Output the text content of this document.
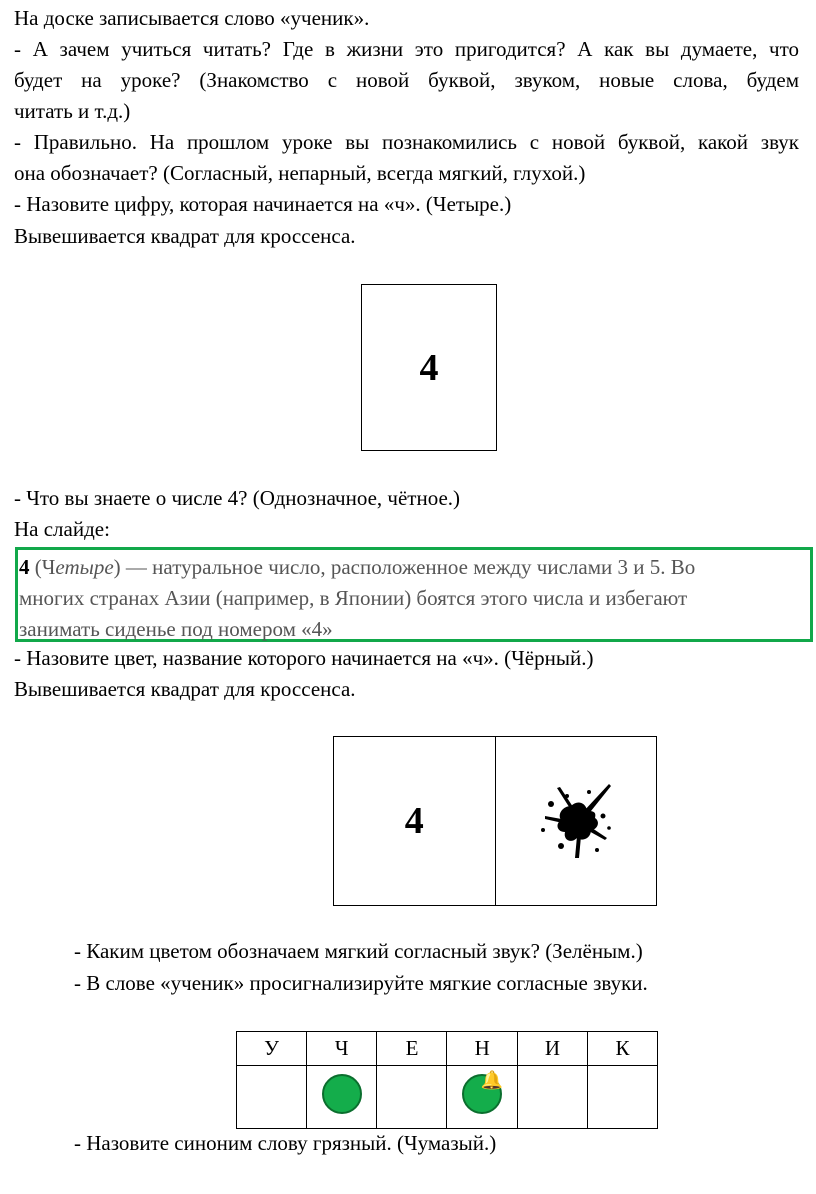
На доске записывается слово «ученик».
- А зачем учиться читать? Где в жизни это пригодится? А как вы думаете, что
будет на уроке? (Знакомство с новой буквой, звуком, новые слова, будем
читать и т.д.)
- Правильно. На прошлом уроке вы познакомились с новой буквой, какой звук
она обозначает? (Согласный, непарный, всегда мягкий, глухой.)
- Назовите цифру, которая начинается на «ч». (Четыре.)
Вывешивается квадрат для кроссенса.
4
- Что вы знаете о числе 4? (Однозначное, чётное.)
На слайде:
4 (Четыре) — натуральное число, расположенное между числами 3 и 5. Во
многих странах Азии (например, в Японии) боятся этого числа и избегают
занимать сиденье под номером «4»
- Назовите цвет, название которого начинается на «ч». (Чёрный.)
Вывешивается квадрат для кроссенса.
4
- Каким цветом обозначаем мягкий согласный звук? (Зелёным.)
- В слове «ученик» просигнализируйте мягкие согласные звуки.
У	Ч	Е	Н	И	К

			🔔		

- Назовите синоним слову грязный. (Чумазый.)
